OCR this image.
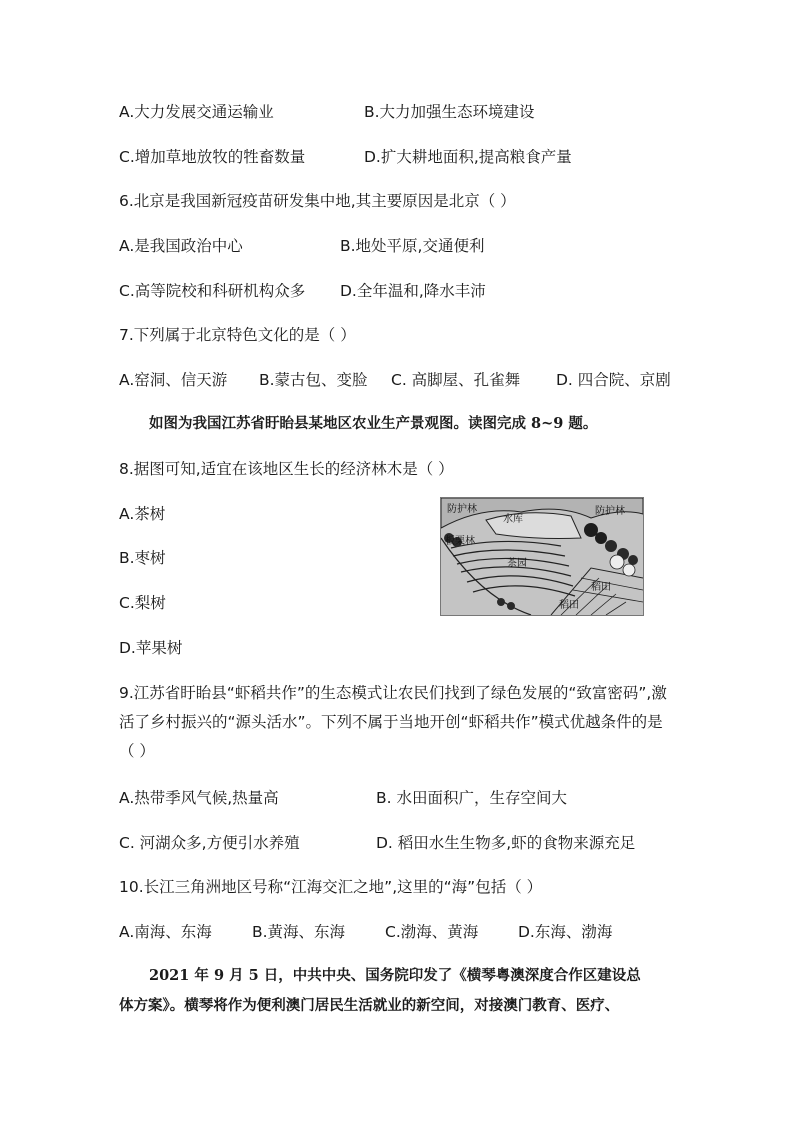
A.大力发展交通运输业	B.大力加强生态环境建设
C.增加草地放牧的牲畜数量	D.扩大耕地面积,提高粮食产量
6.北京是我国新冠疫苗研发集中地,其主要原因是北京（ ）
A.是我国政治中心	B.地处平原,交通便利
C.高等院校和科研机构众多 D.全年温和,降水丰沛
7.下列属于北京特色文化的是（ ）
A.窑洞、信天游 B.蒙古包、变脸 C. 高脚屋、孔雀舞 D. 四合院、京剧
如图为我国江苏省盱眙县某地区农业生产景观图。读图完成 8~9 题。
8.据图可知,适宜在该地区生长的经济林木是（ ）
A.茶树
B.枣树
C.梨树
D.苹果树
防护林
水库
防护林
板栗林
茶园
稻田
稻田
9.江苏省盱眙县“虾稻共作”的生态模式让农民们找到了绿色发展的“致富密码”,激
活了乡村振兴的“源头活水”。下列不属于当地开创“虾稻共作”模式优越条件的是
（ ）
A.热带季风气候,热量高	B. 水田面积广，生存空间大
C. 河湖众多,方便引水养殖	D. 稻田水生生物多,虾的食物来源充足
10.长江三角洲地区号称“江海交汇之地”,这里的“海”包括（ ）
A.南海、东海	B.黄海、东海	C.渤海、黄海	D.东海、渤海
2021 年 9 月 5 日，中共中央、国务院印发了《横琴粤澳深度合作区建设总
体方案》。横琴将作为便利澳门居民生活就业的新空间，对接澳门教育、医疗、
